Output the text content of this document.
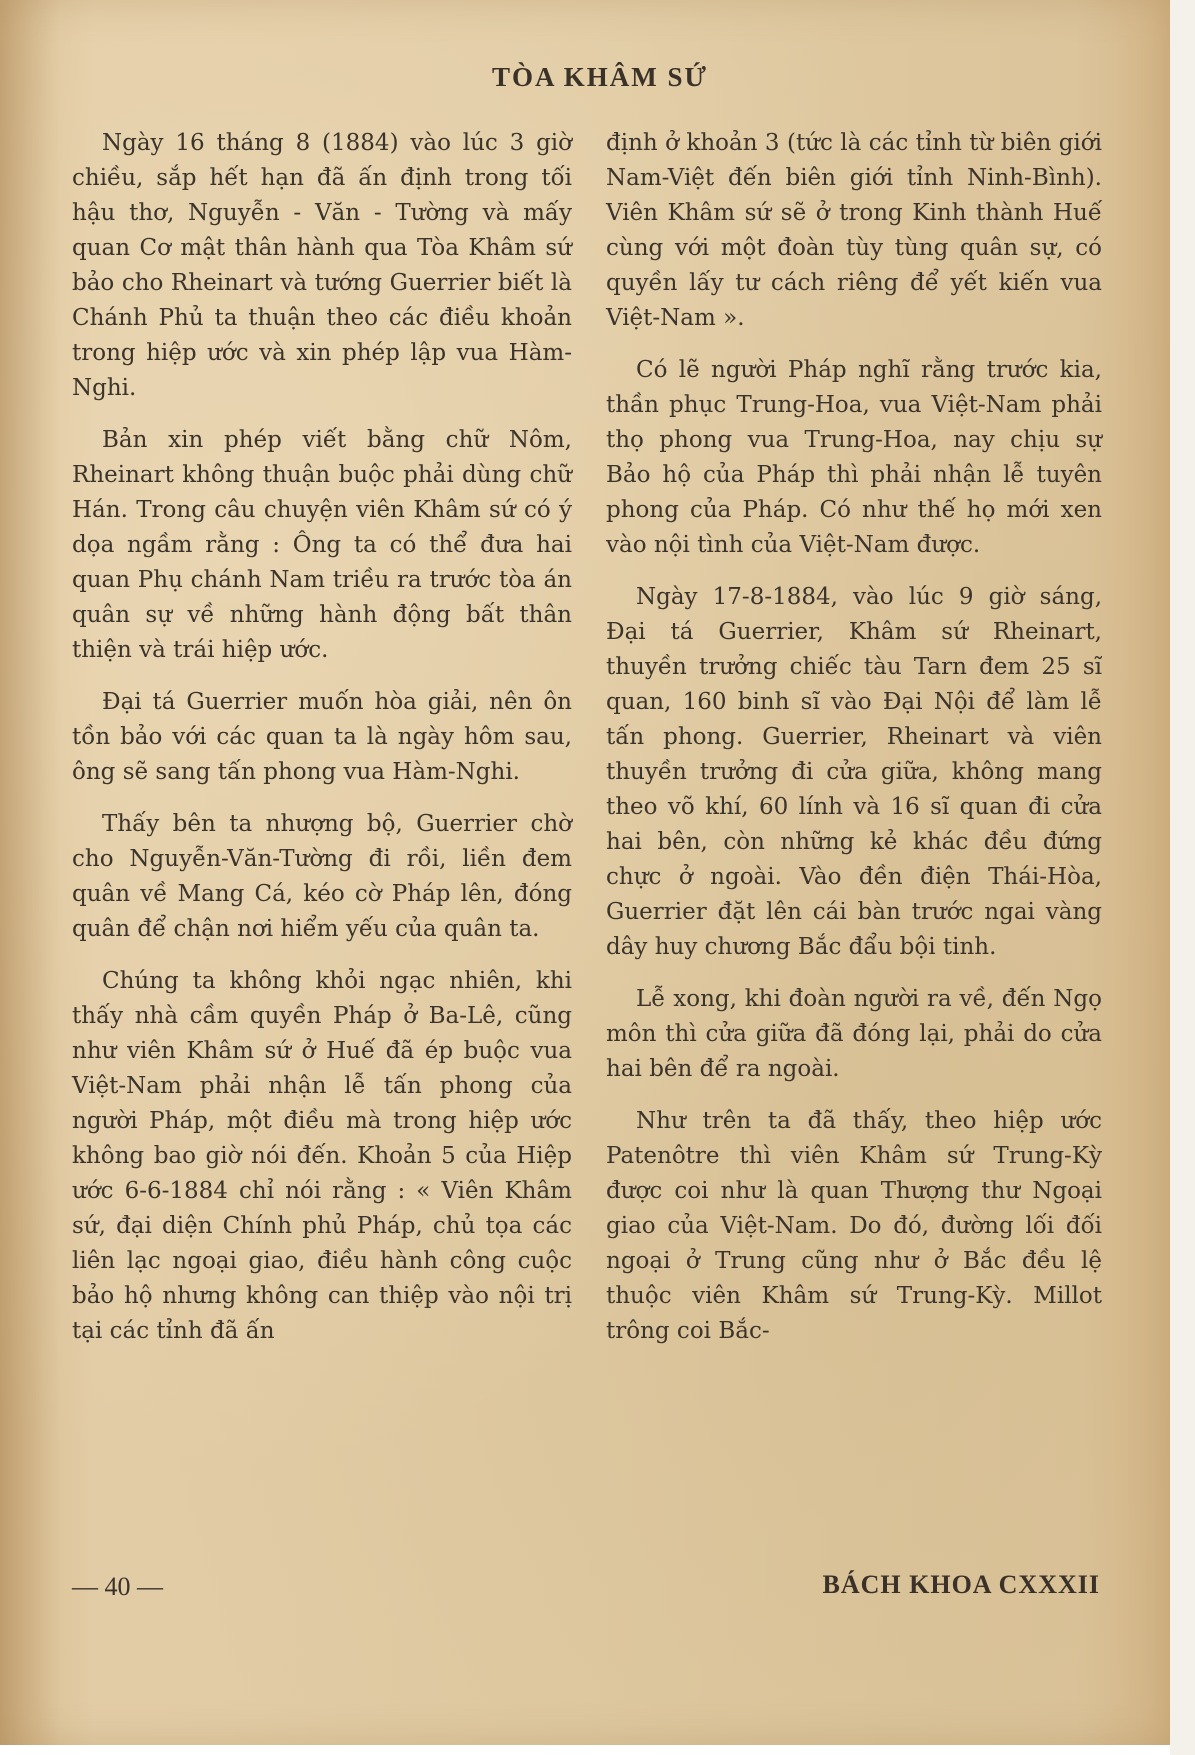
TÒA KHÂM SỨ

Ngày 16 tháng 8 (1884) vào lúc 3 giờ chiều, sắp hết hạn đã ấn định trong tối hậu thơ, Nguyễn - Văn - Tường và mấy quan Cơ mật thân hành qua Tòa Khâm sứ bảo cho Rheinart và tướng Guerrier biết là Chánh Phủ ta thuận theo các điều khoản trong hiệp ước và xin phép lập vua Hàm-Nghi.

Bản xin phép viết bằng chữ Nôm, Rheinart không thuận buộc phải dùng chữ Hán. Trong câu chuyện viên Khâm sứ có ý dọa ngầm rằng : Ông ta có thể đưa hai quan Phụ chánh Nam triều ra trước tòa án quân sự về những hành động bất thân thiện và trái hiệp ước.

Đại tá Guerrier muốn hòa giải, nên ôn tồn bảo với các quan ta là ngày hôm sau, ông sẽ sang tấn phong vua Hàm-Nghi.

Thấy bên ta nhượng bộ, Guerrier chờ cho Nguyễn-Văn-Tường đi rồi, liền đem quân về Mang Cá, kéo cờ Pháp lên, đóng quân để chận nơi hiểm yếu của quân ta.

Chúng ta không khỏi ngạc nhiên, khi thấy nhà cầm quyền Pháp ở Ba-Lê, cũng như viên Khâm sứ ở Huế đã ép buộc vua Việt-Nam phải nhận lễ tấn phong của người Pháp, một điều mà trong hiệp ước không bao giờ nói đến. Khoản 5 của Hiệp ước 6-6-1884 chỉ nói rằng : « Viên Khâm sứ, đại diện Chính phủ Pháp, chủ tọa các liên lạc ngoại giao, điều hành công cuộc bảo hộ nhưng không can thiệp vào nội trị tại các tỉnh đã ấn

định ở khoản 3 (tức là các tỉnh từ biên giới Nam-Việt đến biên giới tỉnh Ninh-Bình). Viên Khâm sứ sẽ ở trong Kinh thành Huế cùng với một đoàn tùy tùng quân sự, có quyền lấy tư cách riêng để yết kiến vua Việt-Nam ».

Có lẽ người Pháp nghĩ rằng trước kia, thần phục Trung-Hoa, vua Việt-Nam phải thọ phong vua Trung-Hoa, nay chịu sự Bảo hộ của Pháp thì phải nhận lễ tuyên phong của Pháp. Có như thế họ mới xen vào nội tình của Việt-Nam được.

Ngày 17-8-1884, vào lúc 9 giờ sáng, Đại tá Guerrier, Khâm sứ Rheinart, thuyền trưởng chiếc tàu Tarn đem 25 sĩ quan, 160 binh sĩ vào Đại Nội để làm lễ tấn phong. Guerrier, Rheinart và viên thuyền trưởng đi cửa giữa, không mang theo võ khí, 60 lính và 16 sĩ quan đi cửa hai bên, còn những kẻ khác đều đứng chực ở ngoài. Vào đền điện Thái-Hòa, Guerrier đặt lên cái bàn trước ngai vàng dây huy chương Bắc đẩu bội tinh.

Lễ xong, khi đoàn người ra về, đến Ngọ môn thì cửa giữa đã đóng lại, phải do cửa hai bên để ra ngoài.

Như trên ta đã thấy, theo hiệp ước Patenôtre thì viên Khâm sứ Trung-Kỳ được coi như là quan Thượng thư Ngoại giao của Việt-Nam. Do đó, đường lối đối ngoại ở Trung cũng như ở Bắc đều lệ thuộc viên Khâm sứ Trung-Kỳ. Millot trông coi Bắc-

— 40 —	BÁCH KHOA CXXXII
